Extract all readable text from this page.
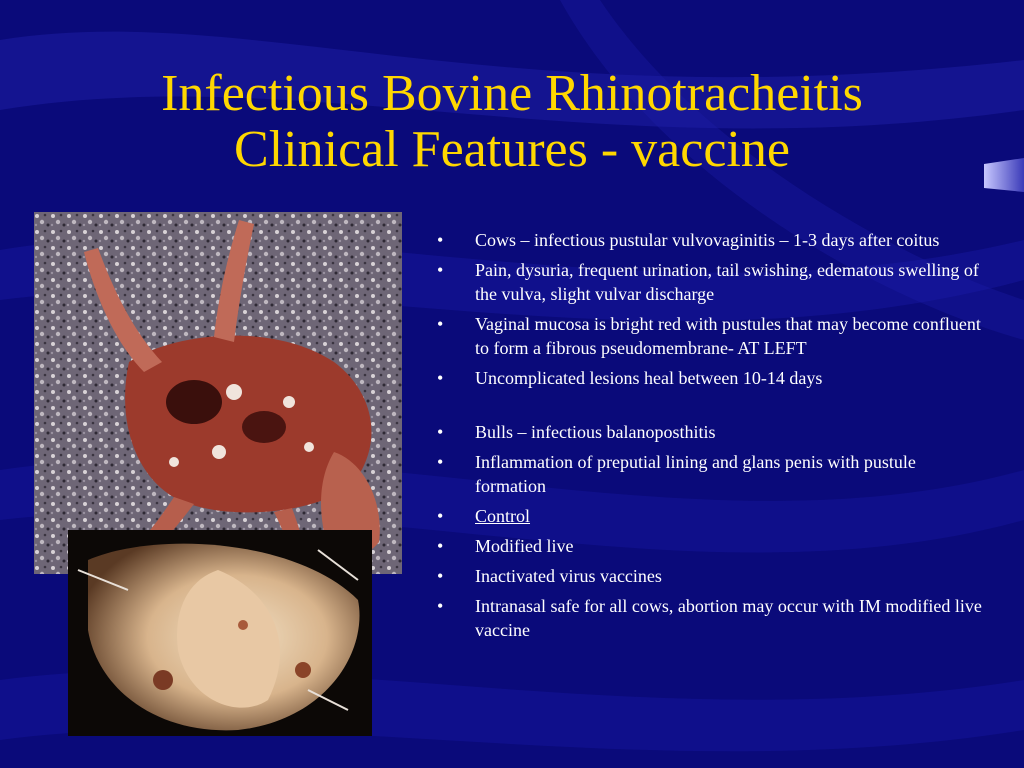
Infectious Bovine Rhinotracheitis
Clinical Features - vaccine
• Cows – infectious pustular vulvovaginitis – 1-3 days after coitus
• Pain, dysuria, frequent urination, tail swishing, edematous swelling of the vulva, slight vulvar discharge
• Vaginal mucosa is bright red with pustules that may become confluent to form a fibrous pseudomembrane- AT LEFT
• Uncomplicated lesions heal between 10-14 days
• Bulls – infectious balanoposthitis
• Inflammation of preputial lining and glans penis with pustule formation
• Control
• Modified live
• Inactivated virus vaccines
• Intranasal safe for all cows, abortion may occur with IM modified live vaccine
